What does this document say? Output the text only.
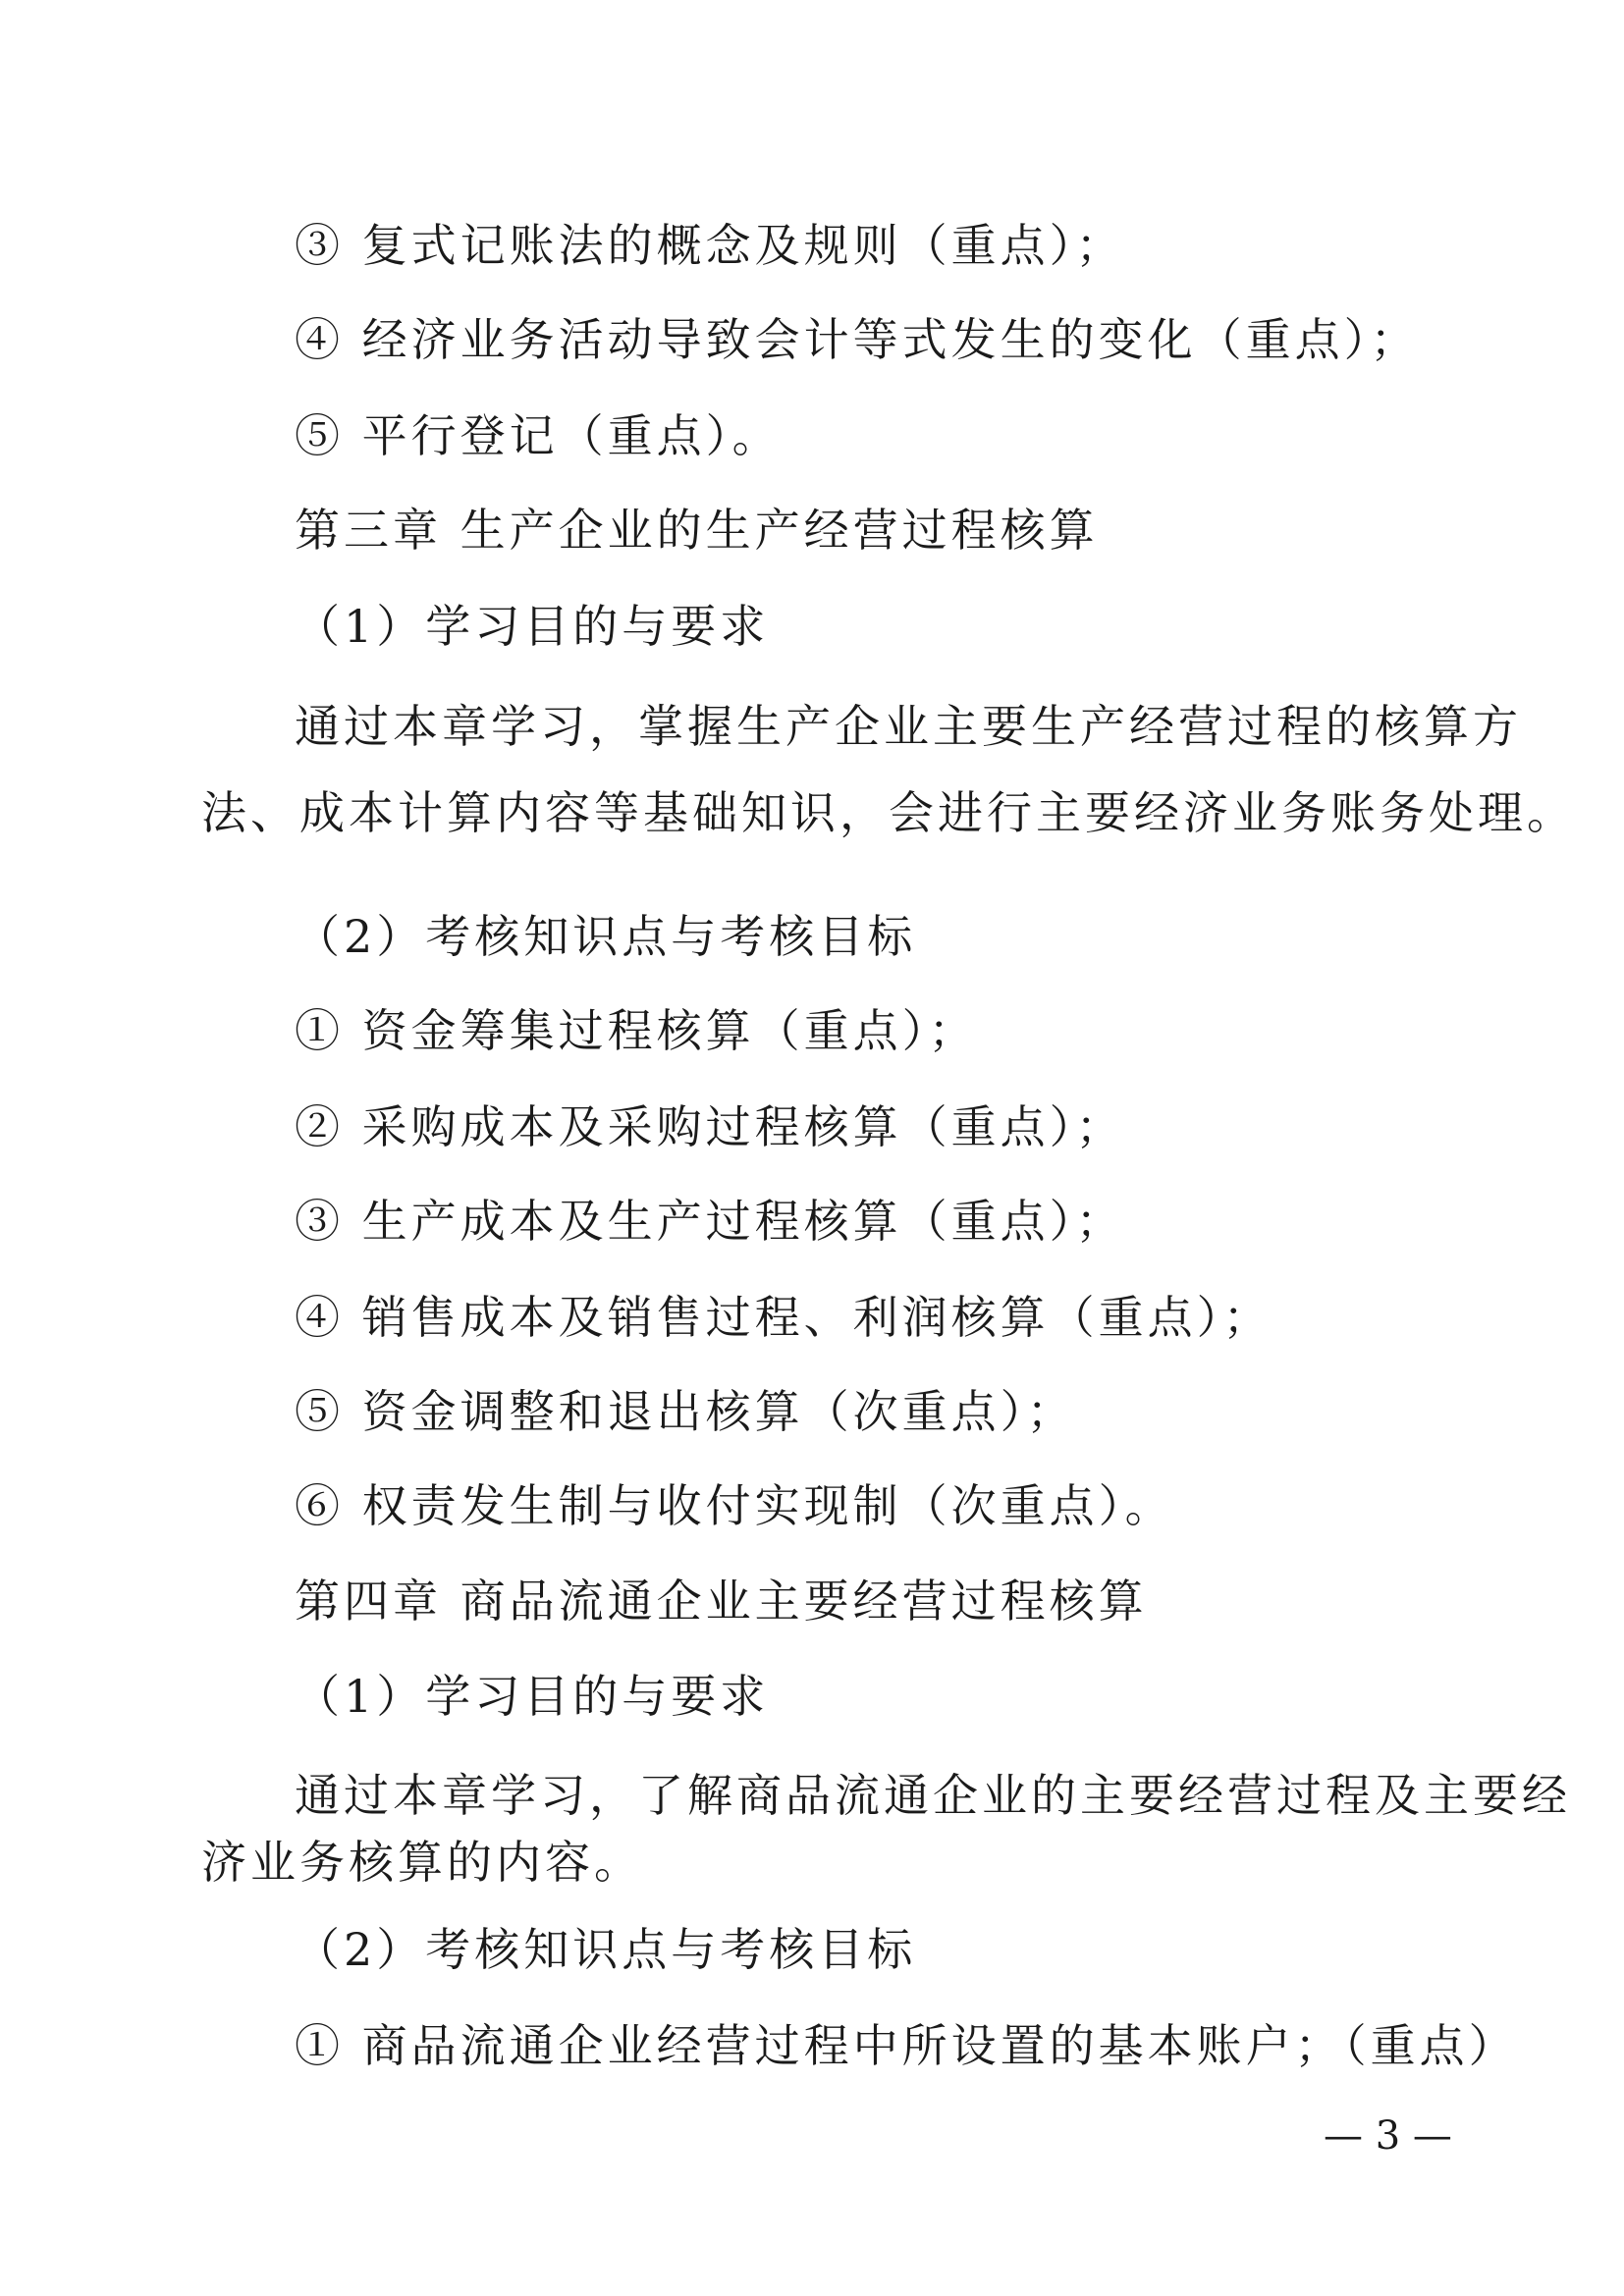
③ 复式记账法的概念及规则（重点）；
④ 经济业务活动导致会计等式发生的变化（重点）；
⑤ 平行登记（重点）。
第三章 生产企业的生产经营过程核算
（1）学习目的与要求
通过本章学习，掌握生产企业主要生产经营过程的核算方
法、成本计算内容等基础知识，会进行主要经济业务账务处理。
（2）考核知识点与考核目标
① 资金筹集过程核算（重点）；
② 采购成本及采购过程核算（重点）；
③ 生产成本及生产过程核算（重点）；
④ 销售成本及销售过程、利润核算（重点）；
⑤ 资金调整和退出核算（次重点）；
⑥ 权责发生制与收付实现制（次重点）。
第四章 商品流通企业主要经营过程核算
（1）学习目的与要求
通过本章学习，了解商品流通企业的主要经营过程及主要经
济业务核算的内容。
（2）考核知识点与考核目标
① 商品流通企业经营过程中所设置的基本账户；（重点）
— 3 —
